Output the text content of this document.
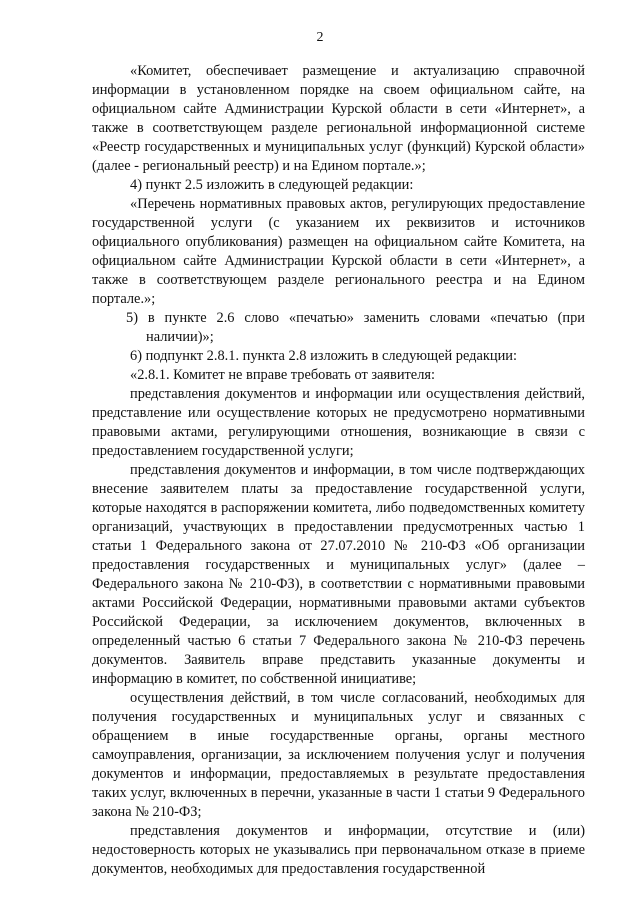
2

«Комитет, обеспечивает размещение и актуализацию справочной информации в установленном порядке на своем официальном сайте, на официальном сайте Администрации Курской области в сети «Интернет», а также в соответствующем разделе региональной информационной системе «Реестр государственных и муниципальных услуг (функций) Курской области» (далее - региональный реестр) и на Едином портале.»;

4) пункт 2.5 изложить в следующей редакции:

«Перечень нормативных правовых актов, регулирующих предоставление государственной услуги (с указанием их реквизитов и источников официального опубликования) размещен на официальном сайте Комитета, на официальном сайте Администрации Курской области в сети «Интернет», а также в соответствующем разделе регионального реестра и на Едином портале.»;

5) в пункте 2.6 слово «печатью» заменить словами «печатью (при наличии)»;

6) подпункт 2.8.1. пункта 2.8 изложить в следующей редакции:

«2.8.1. Комитет не вправе требовать от заявителя:

представления документов и информации или осуществления действий, представление или осуществление которых не предусмотрено нормативными правовыми актами, регулирующими отношения, возникающие в связи с предоставлением государственной услуги;

представления документов и информации, в том числе подтверждающих внесение заявителем платы за предоставление государственной услуги, которые находятся в распоряжении комитета, либо подведомственных комитету организаций, участвующих в предоставлении предусмотренных частью 1 статьи 1 Федерального закона от 27.07.2010 № 210-ФЗ «Об организации предоставления государственных и муниципальных услуг» (далее – Федерального закона № 210-ФЗ), в соответствии с нормативными правовыми актами Российской Федерации, нормативными правовыми актами субъектов Российской Федерации, за исключением документов, включенных в определенный частью 6 статьи 7 Федерального закона № 210-ФЗ перечень документов. Заявитель вправе представить указанные документы и информацию в комитет, по собственной инициативе;

осуществления действий, в том числе согласований, необходимых для получения государственных и муниципальных услуг и связанных с обращением в иные государственные органы, органы местного самоуправления, организации, за исключением получения услуг и получения документов и информации, предоставляемых в результате предоставления таких услуг, включенных в перечни, указанные в части 1 статьи 9 Федерального закона № 210-ФЗ;

представления документов и информации, отсутствие и (или) недостоверность которых не указывались при первоначальном отказе в приеме документов, необходимых для предоставления государственной
